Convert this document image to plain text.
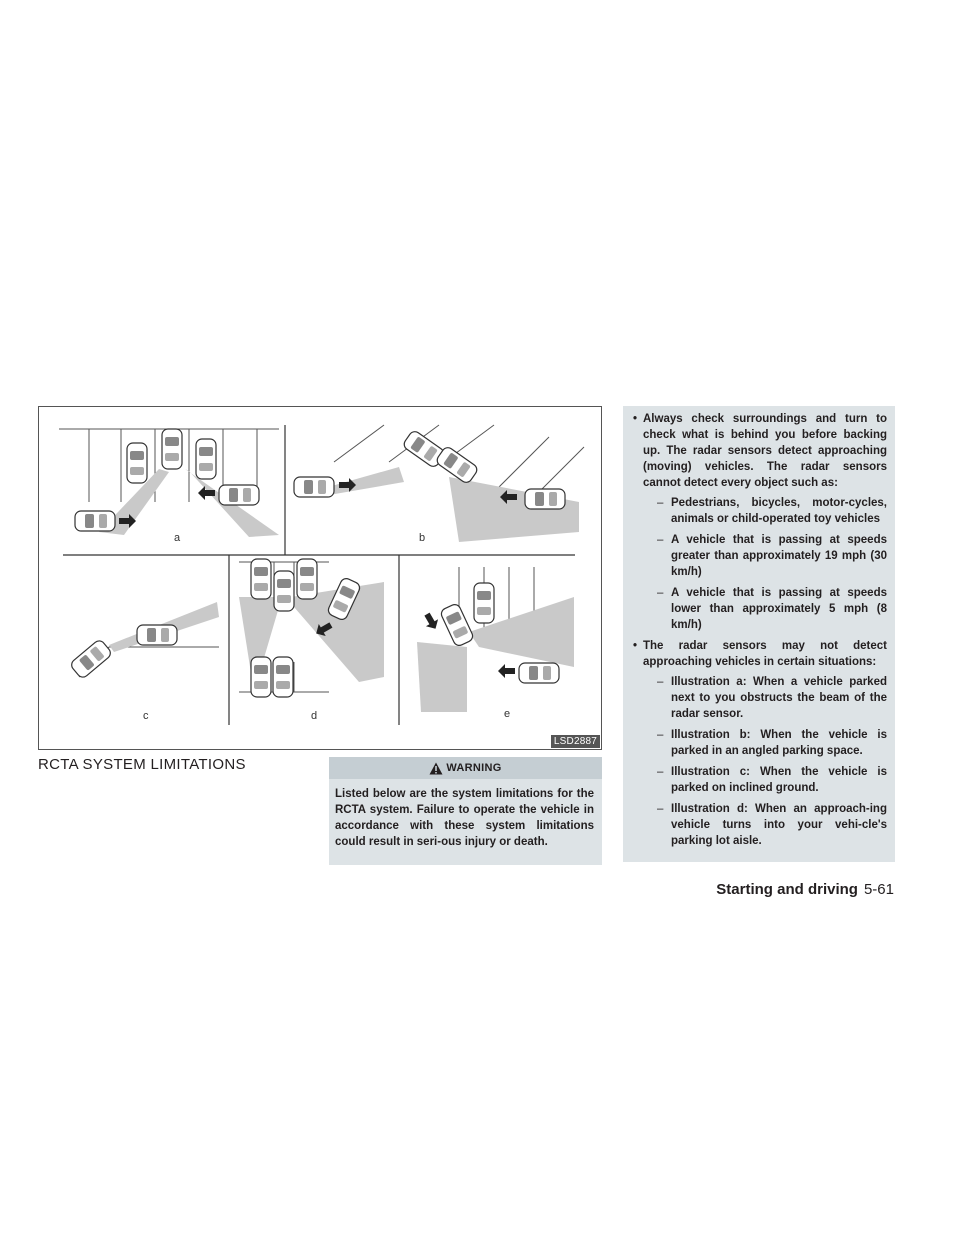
a	b
c	d	e
LSD2887
RCTA SYSTEM LIMITATIONS	WARNING
Listed below are the system limitations for the RCTA system. Failure to operate the vehicle in accordance with these system limitations could result in seri-ous injury or death.
• Always check surroundings and turn to check what is behind you before backing up. The radar sensors detect approaching (moving) vehicles. The radar sensors cannot detect every object such as:
– Pedestrians, bicycles, motor-cycles, animals or child-operated toy vehicles
– A vehicle that is passing at speeds greater than approximately 19 mph (30 km/h)
– A vehicle that is passing at speeds lower than approximately 5 mph (8 km/h)
• The radar sensors may not detect approaching vehicles in certain situations:
– Illustration a: When a vehicle parked next to you obstructs the beam of the radar sensor.
– Illustration b: When the vehicle is parked in an angled parking space.
– Illustration c: When the vehicle is parked on inclined ground.
– Illustration d: When an approach-ing vehicle turns into your vehi-cle's parking lot aisle.
Starting and driving 5-61
